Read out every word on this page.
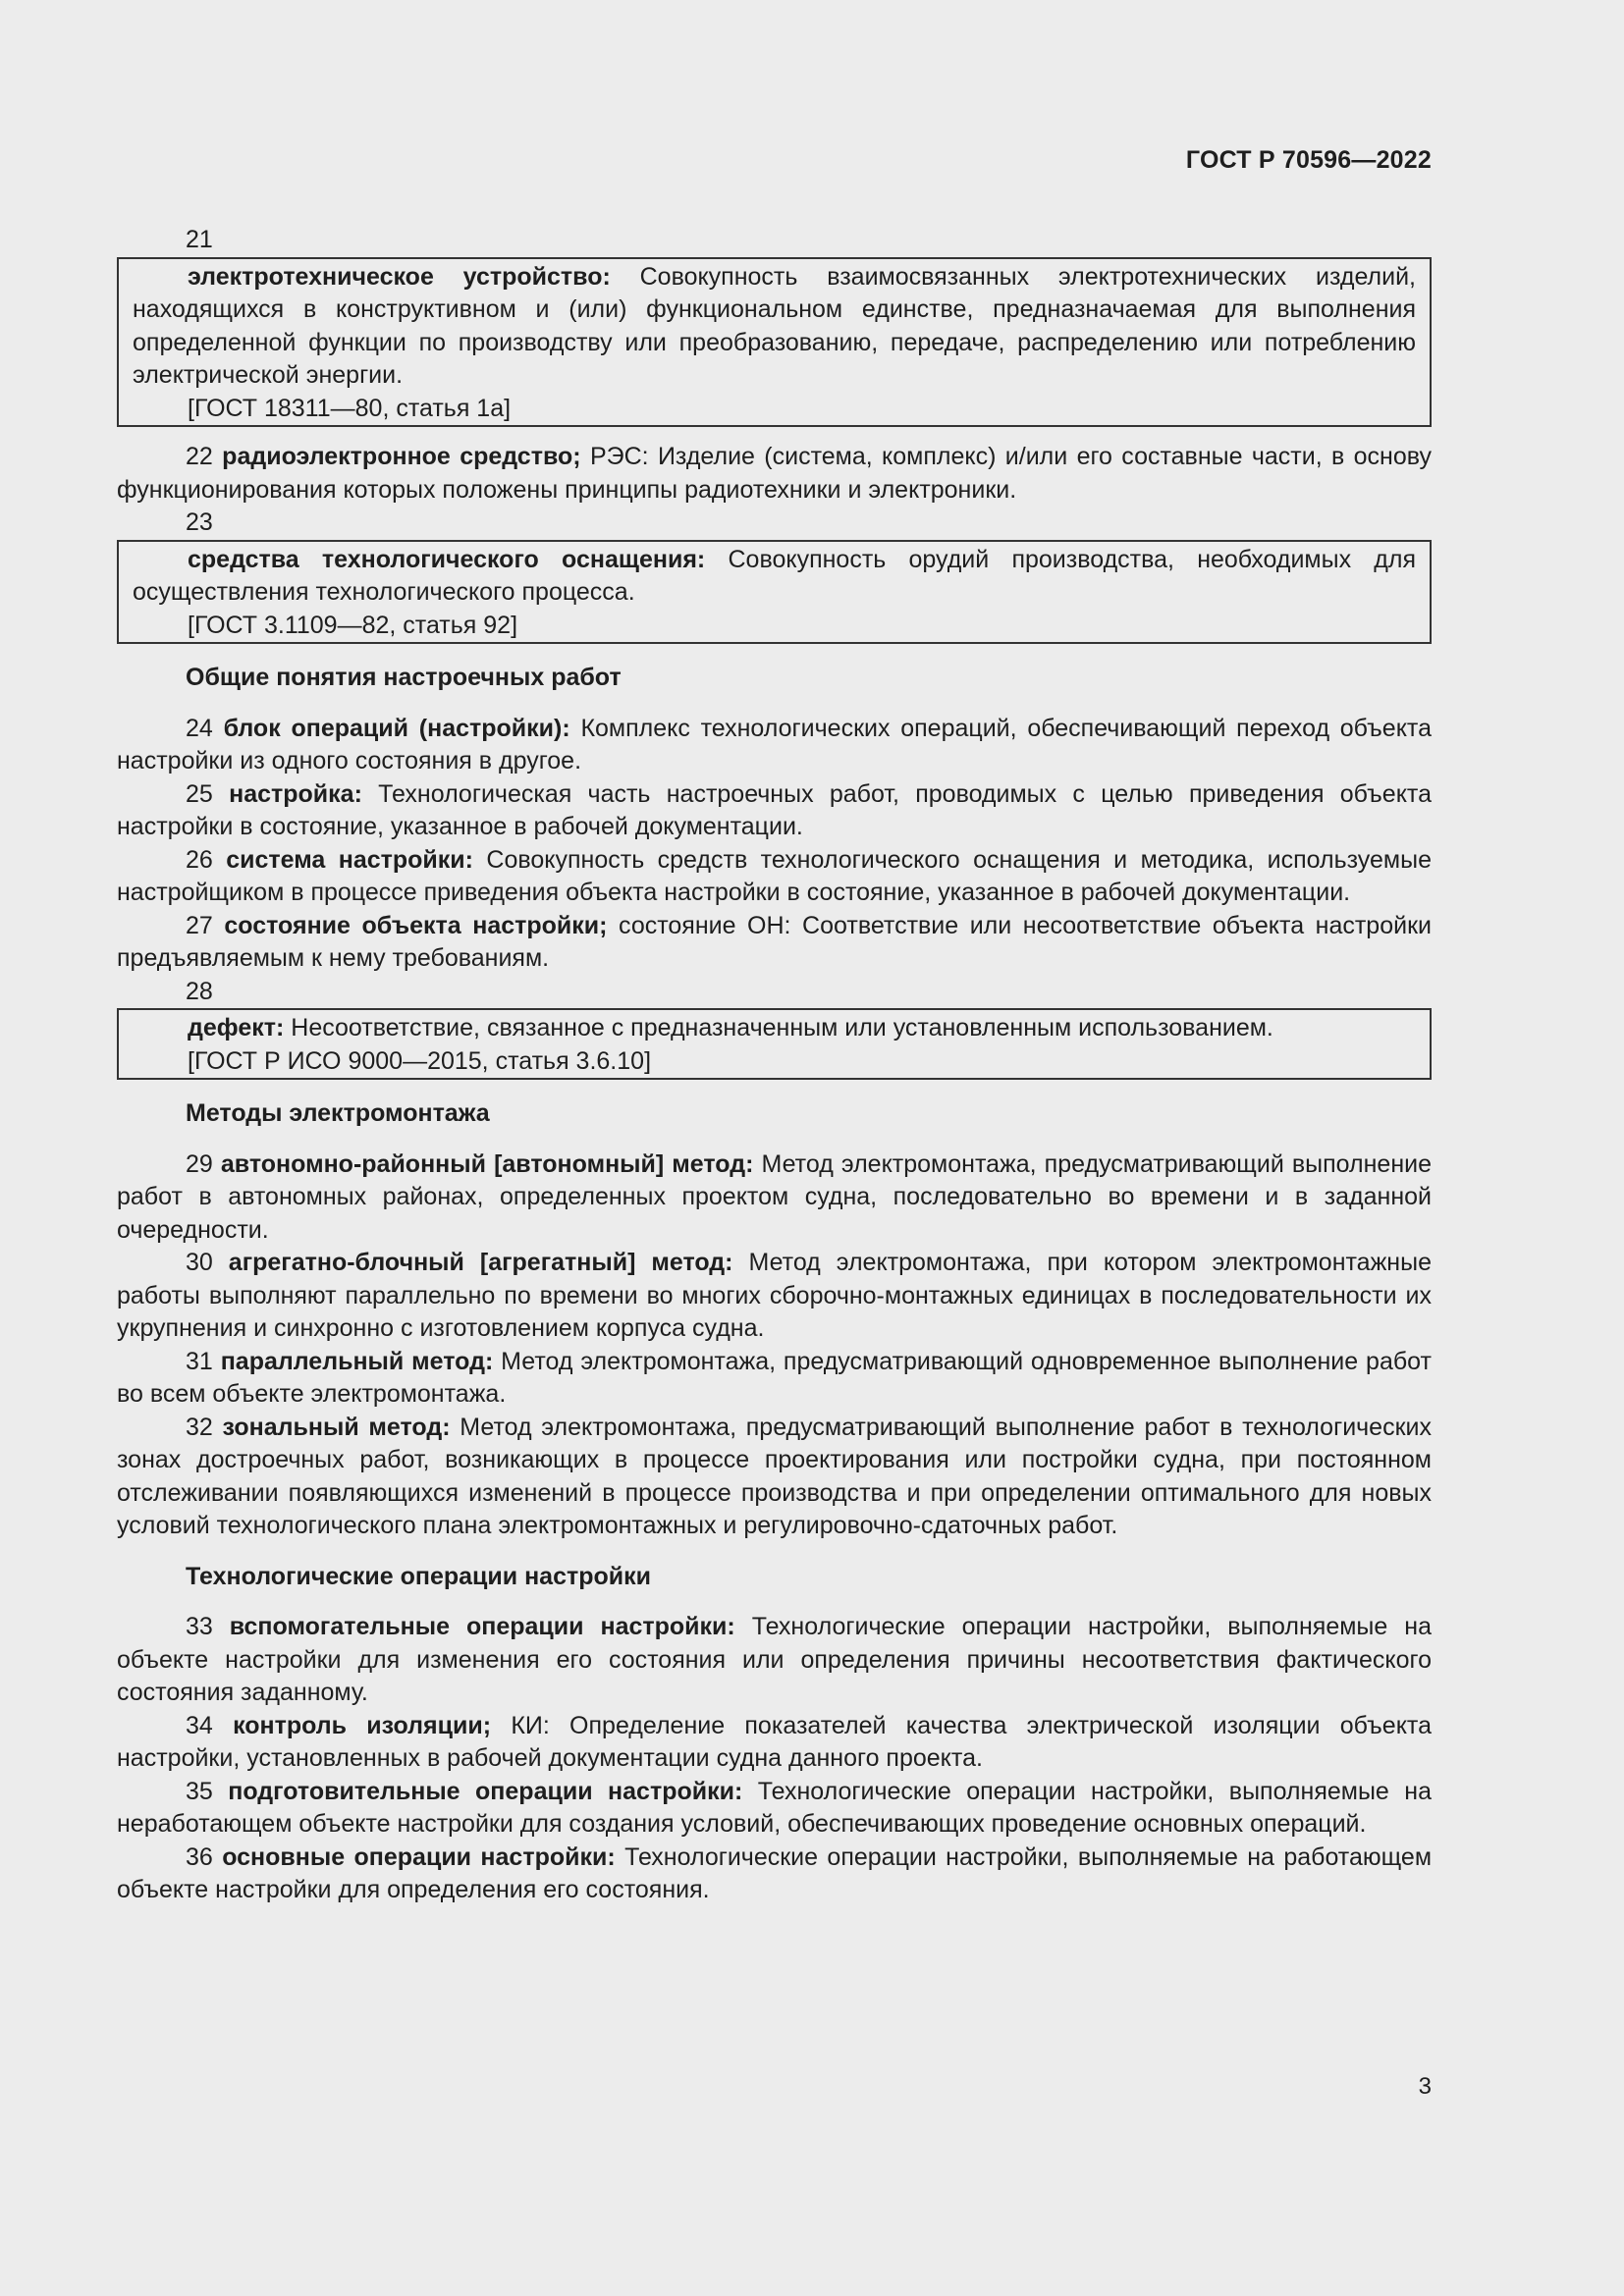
ГОСТ Р 70596—2022
21
электротехническое устройство: Совокупность взаимосвязанных электротехнических изделий, находящихся в конструктивном и (или) функциональном единстве, предназначаемая для выполнения определенной функции по производству или преобразованию, передаче, распределению или потреблению электрической энергии.
[ГОСТ 18311—80, статья 1а]
22 радиоэлектронное средство; РЭС: Изделие (система, комплекс) и/или его составные части, в основу функционирования которых положены принципы радиотехники и электроники.
23
средства технологического оснащения: Совокупность орудий производства, необходимых для осуществления технологического процесса.
[ГОСТ 3.1109—82, статья 92]
Общие понятия настроечных работ
24 блок операций (настройки): Комплекс технологических операций, обеспечивающий переход объекта настройки из одного состояния в другое.
25 настройка: Технологическая часть настроечных работ, проводимых с целью приведения объекта настройки в состояние, указанное в рабочей документации.
26 система настройки: Совокупность средств технологического оснащения и методика, используемые настройщиком в процессе приведения объекта настройки в состояние, указанное в рабочей документации.
27 состояние объекта настройки; состояние ОН: Соответствие или несоответствие объекта настройки предъявляемым к нему требованиям.
28
дефект: Несоответствие, связанное с предназначенным или установленным использованием.
[ГОСТ Р ИСО 9000—2015, статья 3.6.10]
Методы электромонтажа
29 автономно-районный [автономный] метод: Метод электромонтажа, предусматривающий выполнение работ в автономных районах, определенных проектом судна, последовательно во времени и в заданной очередности.
30 агрегатно-блочный [агрегатный] метод: Метод электромонтажа, при котором электромонтажные работы выполняют параллельно по времени во многих сборочно-монтажных единицах в последовательности их укрупнения и синхронно с изготовлением корпуса судна.
31 параллельный метод: Метод электромонтажа, предусматривающий одновременное выполнение работ во всем объекте электромонтажа.
32 зональный метод: Метод электромонтажа, предусматривающий выполнение работ в технологических зонах достроечных работ, возникающих в процессе проектирования или постройки судна, при постоянном отслеживании появляющихся изменений в процессе производства и при определении оптимального для новых условий технологического плана электромонтажных и регулировочно-сдаточных работ.
Технологические операции настройки
33 вспомогательные операции настройки: Технологические операции настройки, выполняемые на объекте настройки для изменения его состояния или определения причины несоответствия фактического состояния заданному.
34 контроль изоляции; КИ: Определение показателей качества электрической изоляции объекта настройки, установленных в рабочей документации судна данного проекта.
35 подготовительные операции настройки: Технологические операции настройки, выполняемые на неработающем объекте настройки для создания условий, обеспечивающих проведение основных операций.
36 основные операции настройки: Технологические операции настройки, выполняемые на работающем объекте настройки для определения его состояния.
3
